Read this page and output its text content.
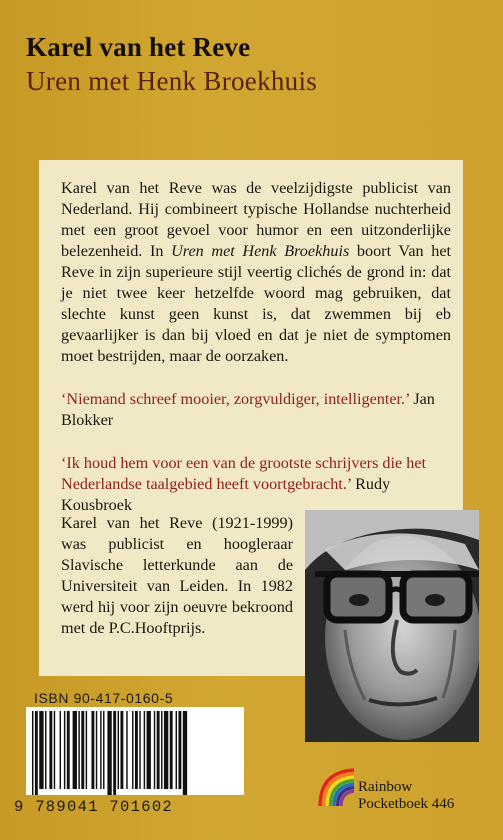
Karel van het Reve
Uren met Henk Broekhuis

Karel van het Reve was de veelzijdigste publicist van Nederland. Hij combineert typische Hollandse nuchterheid met een groot gevoel voor humor en een uitzonderlijke belezenheid. In Uren met Henk Broekhuis boort Van het Reve in zijn superieure stijl veertig clichés de grond in: dat je niet twee keer hetzelfde woord mag gebruiken, dat slechte kunst geen kunst is, dat zwemmen bij eb gevaarlijker is dan bij vloed en dat je niet de symptomen moet bestrijden, maar de oorzaken.

‘Niemand schreef mooier, zorgvuldiger, intelligenter.’ Jan Blokker

‘Ik houd hem voor een van de grootste schrijvers die het Nederlandse taalgebied heeft voortgebracht.’ Rudy Kousbroek

Karel van het Reve (1921-1999) was publicist en hoogleraar Slavische letterkunde aan de Universiteit van Leiden. In 1982 werd hij voor zijn oeuvre bekroond met de P.C.Hooftprijs.

ISBN 90-417-0160-5

9 789041 701602

Rainbow
Pocketboek 446
